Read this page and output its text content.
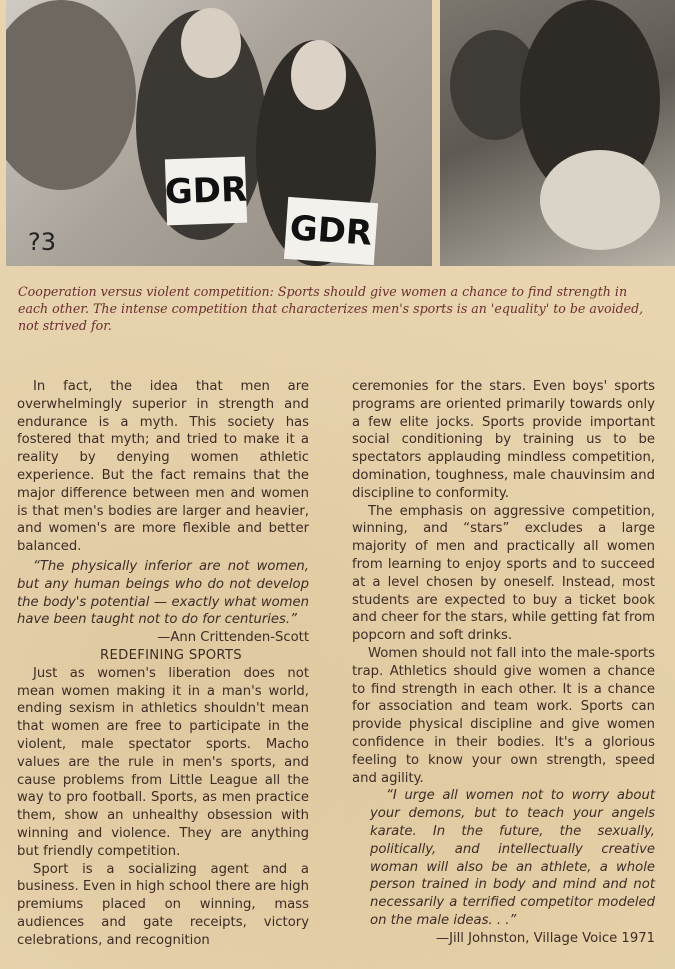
GDR
GDR
?3
Cooperation versus violent competition: Sports should give women a chance to find strength in each other. The intense competition that characterizes men's sports is an 'equality' to be avoided, not strived for.

In fact, the idea that men are overwhelmingly superior in strength and endurance is a myth. This society has fostered that myth; and tried to make it a reality by denying women athletic experience. But the fact remains that the major difference between men and women is that men's bodies are larger and heavier, and women's are more flexible and better balanced.

“The physically inferior are not women, but any human beings who do not develop the body's potential — exactly what women have been taught not to do for centuries.”

—Ann Crittenden-Scott

REDEFINING SPORTS

Just as women's liberation does not mean women making it in a man's world, ending sexism in athletics shouldn't mean that women are free to participate in the violent, male spectator sports. Macho values are the rule in men's sports, and cause problems from Little League all the way to pro football. Sports, as men practice them, show an unhealthy obsession with winning and violence. They are anything but friendly competition.

Sport is a socializing agent and a business. Even in high school there are high premiums placed on winning, mass audiences and gate receipts, victory celebrations, and recognition

ceremonies for the stars. Even boys' sports programs are oriented primarily towards only a few elite jocks. Sports provide important social conditioning by training us to be spectators applauding mindless competition, domination, toughness, male chauvinsim and discipline to conformity.

The emphasis on aggressive competition, winning, and “stars” excludes a large majority of men and practically all women from learning to enjoy sports and to succeed at a level chosen by oneself. Instead, most students are expected to buy a ticket book and cheer for the stars, while getting fat from popcorn and soft drinks.

Women should not fall into the male-sports trap. Athletics should give women a chance to find strength in each other. It is a chance for association and team work. Sports can provide physical discipline and give women confidence in their bodies. It's a glorious feeling to know your own strength, speed and agility.

“I urge all women not to worry about your demons, but to teach your angels karate. In the future, the sexually, politically, and intellectually creative woman will also be an athlete, a whole person trained in body and mind and not necessarily a terrified competitor modeled on the male ideas. . .”

—Jill Johnston, Village Voice 1971
